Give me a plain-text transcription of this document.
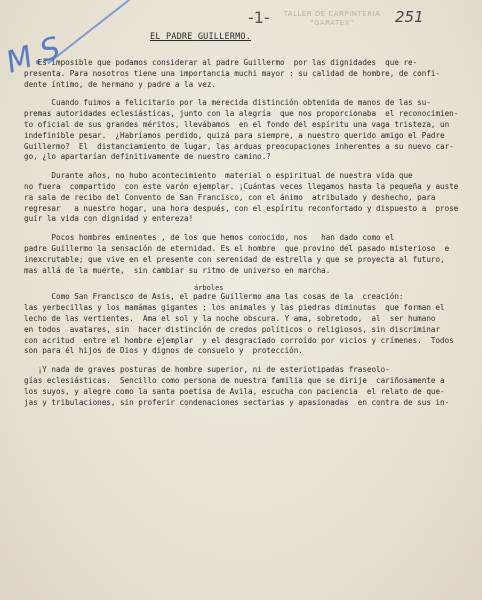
M.S
-1-	251
TALLER DE CARPINTERIA
"GARATEX"
EL PADRE GUILLERMO.
Es imposible que podamos considerar al padre Guillermo  por las dignidades  que re-
presenta. Para nosotros tiene una importancia muchi mayor : su calidad de hombre, de confi-
dente íntimo, de hermano y padre a la vez.
Cuando fuimos a felicitario por la merecida distinción obtenida de manos de las su-
premas autoridades eclesiásticas, junto con la alegría  que nos proporcionaba  el reconocimien-
to oficial de sus grandes méritos, llevábamos  en el fondo del espíritu una vaga tristeza, un
indefinible pesar.  ¿Habríamos perdido, quizá para siempre, a nuestro querido amigo el Padre
Guillermo?  El  distanciamiento de lugar, las arduas preocupaciones inherentes a su nuevo car-
go, ¿lo apartarían definitivamente de nuestro camino.?
Durante años, no hubo acontecimiento  material o espiritual de nuestra vida que
no fuera  compartido  con este varón ejemplar. ¡Cuántas veces llegamos hasta la pequeña y auste
ra sala de recibo del Convento de San Francisco, con el ánimo  atribulado y deshecho, para
regresar   a nuestro hogar, una hora después, con el espíritu reconfortado y dispuesto a  prose
guir la vida con dignidad y entereza!
Pocos hombres eminentes , de los que hemos conocido, nos   han dado como el
padre Guillermo la sensación de eternidad. Es el hombre  que provino del pasado misterioso  e
inexcrutable; que vive en el presente con serenidad de estrella y que se proyecta al futuro,
mas allá de la muerte,  sin cambiar su ritmo de universo en marcha.
árboles
Como San Francisco de Asís, el padre Guillermo ama las cosas de la  creación:
las yerbecillas y los mamámas gigantes ; los animales y las piedras diminutas  que forman el
lecho de las vertientes.  Ama el sol y la noche obscura. Y ama, sobretodo,  al  ser humano
en todos  avatares, sin  hacer distinción de credos políticos o religiosos, sin discriminar
con acritud  entre el hombre ejemplar  y el desgraciado corroído por vicios y crímenes.  Todos
son para él hijos de Dios y dignos de consuelo y  protección.
¡Y nada de graves posturas de hombre superior, ni de esteriotipadas fraseolo-
gías eclesiásticas.  Sencillo como persona de nuestra familia que se dirije  cariñosamente a
los suyos, y alegre como la santa poetisa de Avila, escucha con paciencia  el relato de que-
jas y tribulaciones, sin proferir condenaciones sectarias y apasionadas  en contra de sus in-
